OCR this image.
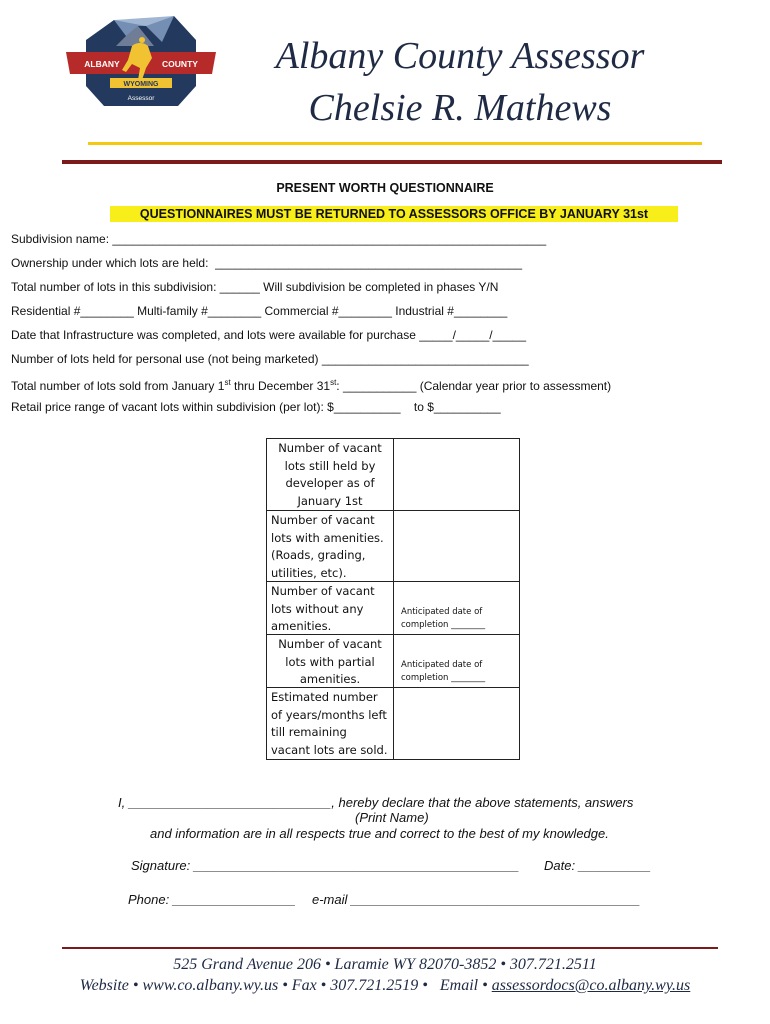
ALBANY	COUNTY
WYOMING
Assessor
Albany County Assessor
Chelsie R. Mathews
PRESENT WORTH QUESTIONNAIRE
QUESTIONNAIRES MUST BE RETURNED TO ASSESSORS OFFICE BY JANUARY 31st
Subdivision name: _________________________________________________________________
Ownership under which lots are held:  ______________________________________________
Total number of lots in this subdivision: ______ Will subdivision be completed in phases Y/N
Residential #________ Multi-family #________ Commercial #________ Industrial #________
Date that Infrastructure was completed, and lots were available for purchase _____/_____/_____
Number of lots held for personal use (not being marketed) _______________________________
Total number of lots sold from January 1st thru December 31st: ___________ (Calendar year prior to assessment)
Retail price range of vacant lots within subdivision (per lot): $__________    to $__________
Number of vacant lots still held by developer as of January 1st
Number of vacant lots with amenities. (Roads, grading, utilities, etc).
Number of vacant lots without any amenities.
Anticipated date of completion ________
Number of vacant lots with partial amenities.
Anticipated date of completion ________
Estimated number of years/months left till remaining vacant lots are sold.
I, ____________________________, hereby declare that the above statements, answers
(Print Name)
and information are in all respects true and correct to the best of my knowledge.
Signature: _____________________________________________ Date: __________
Phone: _________________ e-mail ________________________________________
525 Grand Avenue 206 • Laramie WY 82070-3852 • 307.721.2511
Website • www.co.albany.wy.us • Fax • 307.721.2519 •   Email • assessordocs@co.albany.wy.us
